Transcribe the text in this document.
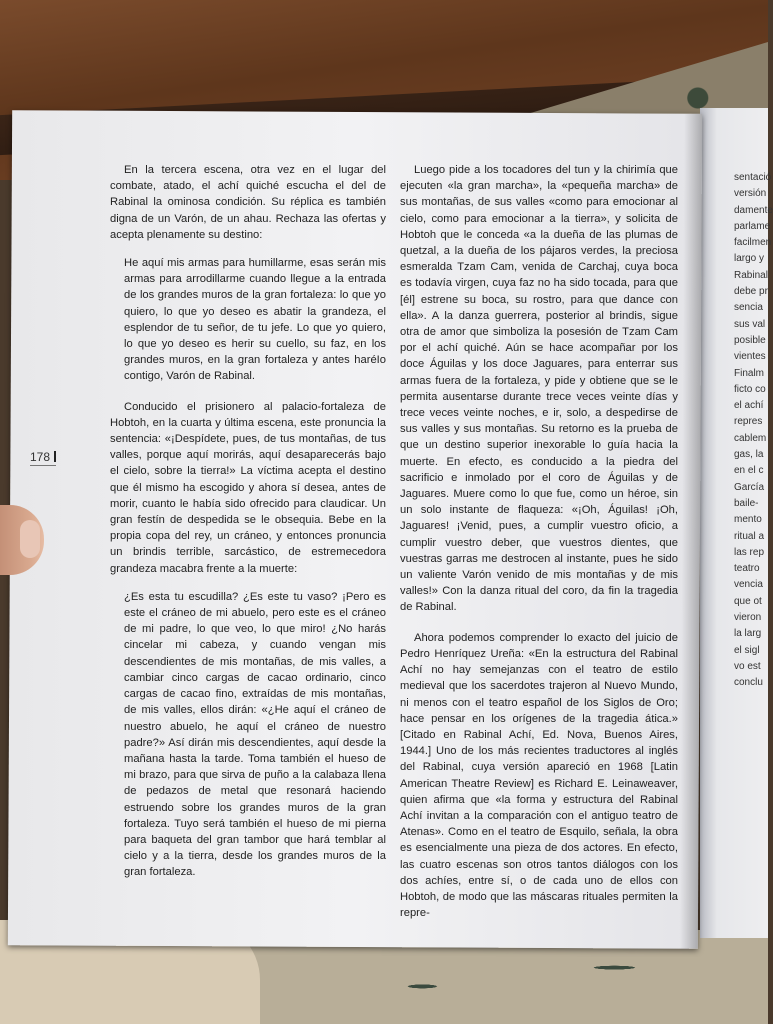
sentació
versión
damente
parlame
facilmen
largo y
Rabinal
debe pr
sencia
sus val
posible
vientes
Finalm
ficto co
el achí
repres
cablem
gas, la
en el c
García
baile-
mento
ritual a
las rep
teatro
vencia
que ot
vieron
la larg
el sigl
vo est
conclu
178

En la tercera escena, otra vez en el lugar del combate, atado, el achí quiché escucha el del de Rabinal la ominosa condición. Su réplica es también digna de un Varón, de un ahau. Rechaza las ofertas y acepta plenamente su destino:

He aquí mis armas para humillarme, esas serán mis armas para arrodillarme cuando llegue a la entrada de los grandes muros de la gran fortaleza: lo que yo quiero, lo que yo deseo es abatir la grandeza, el esplendor de tu señor, de tu jefe. Lo que yo quiero, lo que yo deseo es herir su cuello, su faz, en los grandes muros, en la gran fortaleza y antes haréIo contigo, Varón de Rabinal.

Conducido el prisionero al palacio-fortaleza de Hobtoh, en la cuarta y última escena, este pronuncia la sentencia: «¡Despídete, pues, de tus montañas, de tus valles, porque aquí morirás, aquí desaparecerás bajo el cielo, sobre la tierra!» La víctima acepta el destino que él mismo ha escogido y ahora sí desea, antes de morir, cuanto le había sido ofrecido para claudicar. Un gran festín de despedida se le obsequia. Bebe en la propia copa del rey, un cráneo, y entonces pronuncia un brindis terrible, sarcástico, de estremecedora grandeza macabra frente a la muerte:

¿Es esta tu escudilla? ¿Es este tu vaso? ¡Pero es este el cráneo de mi abuelo, pero este es el cráneo de mi padre, lo que veo, lo que miro! ¿No harás cincelar mi cabeza, y cuando vengan mis descendientes de mis montañas, de mis valles, a cambiar cinco cargas de cacao ordinario, cinco cargas de cacao fino, extraídas de mis montañas, de mis valles, ellos dirán: «¿He aquí el cráneo de nuestro abuelo, he aquí el cráneo de nuestro padre?» Así dirán mis descendientes, aquí desde la mañana hasta la tarde. Toma también el hueso de mi brazo, para que sirva de puño a la calabaza llena de pedazos de metal que resonará haciendo estruendo sobre los grandes muros de la gran fortaleza. Tuyo será también el hueso de mi pierna para baqueta del gran tambor que hará temblar al cielo y a la tierra, desde los grandes muros de la gran fortaleza.

Luego pide a los tocadores del tun y la chirimía que ejecuten «la gran marcha», la «pequeña marcha» de sus montañas, de sus valles «como para emocionar al cielo, como para emocionar a la tierra», y solicita de Hobtoh que le conceda «a la dueña de las plumas de quetzal, a la dueña de los pájaros verdes, la preciosa esmeralda Tzam Cam, venida de Carchaj, cuya boca es todavía virgen, cuya faz no ha sido tocada, para que [él] estrene su boca, su rostro, para que dance con ella». A la danza guerrera, posterior al brindis, sigue otra de amor que simboliza la posesión de Tzam Cam por el achí quiché. Aún se hace acompañar por los doce Águilas y los doce Jaguares, para enterrar sus armas fuera de la fortaleza, y pide y obtiene que se le permita ausentarse durante trece veces veinte días y trece veces veinte noches, e ir, solo, a despedirse de sus valles y sus montañas. Su retorno es la prueba de que un destino superior inexorable lo guía hacia la muerte. En efecto, es conducido a la piedra del sacrificio e inmolado por el coro de Águilas y de Jaguares. Muere como lo que fue, como un héroe, sin un solo instante de flaqueza: «¡Oh, Águilas! ¡Oh, Jaguares! ¡Venid, pues, a cumplir vuestro oficio, a cumplir vuestro deber, que vuestros dientes, que vuestras garras me destrocen al instante, pues he sido un valiente Varón venido de mis montañas y de mis valles!» Con la danza ritual del coro, da fin la tragedia de Rabinal.

Ahora podemos comprender lo exacto del juicio de Pedro Henríquez Ureña: «En la estructura del Rabinal Achí no hay semejanzas con el teatro de estilo medieval que los sacerdotes trajeron al Nuevo Mundo, ni menos con el teatro español de los Siglos de Oro; hace pensar en los orígenes de la tragedia ática.» [Citado en Rabinal Achí, Ed. Nova, Buenos Aires, 1944.] Uno de los más recientes traductores al inglés del Rabinal, cuya versión apareció en 1968 [Latin American Theatre Review] es Richard E. Leinaweaver, quien afirma que «la forma y estructura del Rabinal Achí invitan a la comparación con el antiguo teatro de Atenas». Como en el teatro de Esquilo, señala, la obra es esencialmente una pieza de dos actores. En efecto, las cuatro escenas son otros tantos diálogos con los dos achíes, entre sí, o de cada uno de ellos con Hobtoh, de modo que las máscaras rituales permiten la repre-
